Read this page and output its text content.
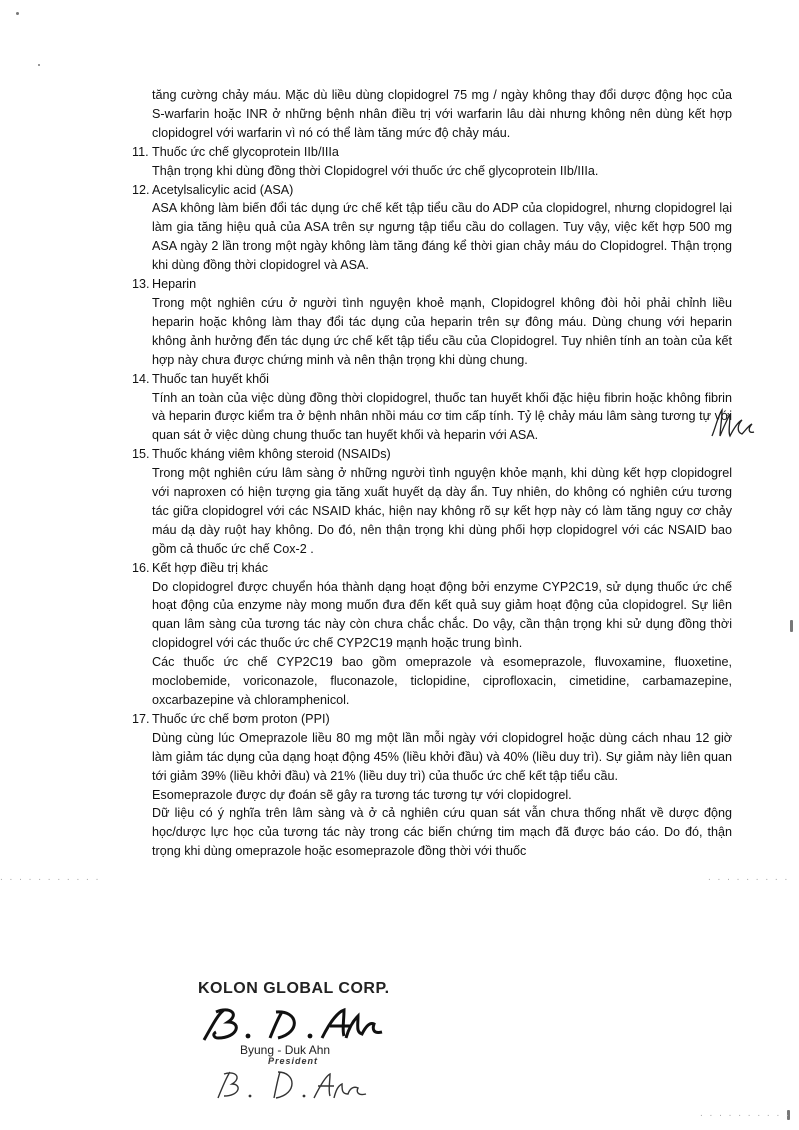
tăng cường chảy máu. Mặc dù liều dùng clopidogrel 75 mg / ngày không thay đổi dược động học của S-warfarin hoặc INR ở những bệnh nhân điều trị với warfarin lâu dài nhưng không nên dùng kết hợp clopidogrel với warfarin vì nó có thể làm tăng mức độ chảy máu.

11. Thuốc ức chế glycoprotein IIb/IIIa

Thận trọng khi dùng đồng thời Clopidogrel với thuốc ức chế glycoprotein IIb/IIIa.

12. Acetylsalicylic acid (ASA)

ASA không làm biến đổi tác dụng ức chế kết tập tiểu cầu do ADP của clopidogrel, nhưng clopidogrel lại làm gia tăng hiệu quả của ASA trên sự ngưng tập tiểu cầu do collagen. Tuy vậy, việc kết hợp 500 mg ASA ngày 2 lần trong một ngày không làm tăng đáng kể thời gian chảy máu do Clopidogrel. Thận trọng khi dùng đồng thời clopidogrel và ASA.

13. Heparin

Trong một nghiên cứu ở người tình nguyện khoẻ mạnh, Clopidogrel không đòi hỏi phải chỉnh liều heparin hoặc không làm thay đổi tác dụng của heparin trên sự đông máu. Dùng chung với heparin không ảnh hưởng đến tác dụng ức chế kết tập tiểu cầu của Clopidogrel. Tuy nhiên tính an toàn của kết hợp này chưa được chứng minh và nên thận trọng khi dùng chung.

14. Thuốc tan huyết khối

Tính an toàn của việc dùng đồng thời clopidogrel, thuốc tan huyết khối đặc hiệu fibrin hoặc không fibrin và heparin được kiểm tra ở bệnh nhân nhồi máu cơ tim cấp tính. Tỷ lệ chảy máu lâm sàng tương tự với quan sát ở việc dùng chung thuốc tan huyết khối và heparin với ASA.

15. Thuốc kháng viêm không steroid (NSAIDs)

Trong một nghiên cứu lâm sàng ở những người tình nguyện khỏe mạnh, khi dùng kết hợp clopidogrel với naproxen có hiện tượng gia tăng xuất huyết dạ dày ẩn. Tuy nhiên, do không có nghiên cứu tương tác giữa clopidogrel với các NSAID khác, hiện nay không rõ sự kết hợp này có làm tăng nguy cơ chảy máu dạ dày ruột hay không. Do đó, nên thận trọng khi dùng phối hợp clopidogrel với các NSAID bao gồm cả thuốc ức chế Cox-2 .

16. Kết hợp điều trị khác

Do clopidogrel được chuyển hóa thành dạng hoạt động bởi enzyme CYP2C19, sử dụng thuốc ức chế hoạt động của enzyme này mong muốn đưa đến kết quả suy giảm hoạt động của clopidogrel. Sự liên quan lâm sàng của tương tác này còn chưa chắc chắc. Do vậy, cần thận trọng khi sử dụng đồng thời clopidogrel với các thuốc ức chế CYP2C19 mạnh hoặc trung bình.

Các thuốc ức chế CYP2C19 bao gồm omeprazole và esomeprazole, fluvoxamine, fluoxetine, moclobemide, voriconazole, fluconazole, ticlopidine, ciprofloxacin, cimetidine, carbamazepine, oxcarbazepine và chloramphenicol.

17. Thuốc ức chế bơm proton (PPI)

Dùng cùng lúc Omeprazole liều 80 mg một lần mỗi ngày với clopidogrel hoặc dùng cách nhau 12 giờ làm giảm tác dụng của dạng hoạt động 45% (liều khởi đầu) và 40% (liều duy trì). Sự giảm này liên quan tới giảm 39% (liều khởi đầu) và 21% (liều duy trì) của thuốc ức chế kết tập tiểu cầu.

Esomeprazole được dự đoán sẽ gây ra tương tác tương tự với clopidogrel.

Dữ liệu có ý nghĩa trên lâm sàng và ở cả nghiên cứu quan sát vẫn chưa thống nhất về dược động học/dược lực học của tương tác này trong các biến chứng tim mạch đã được báo cáo. Do đó, thận trọng khi dùng omeprazole hoặc esomeprazole đồng thời với thuốc

. . . . . . . . . . .	. . . . . . . . .
. . . . . . . . . .
KOLON GLOBAL CORP.
Byung - Duk Ahn
President
